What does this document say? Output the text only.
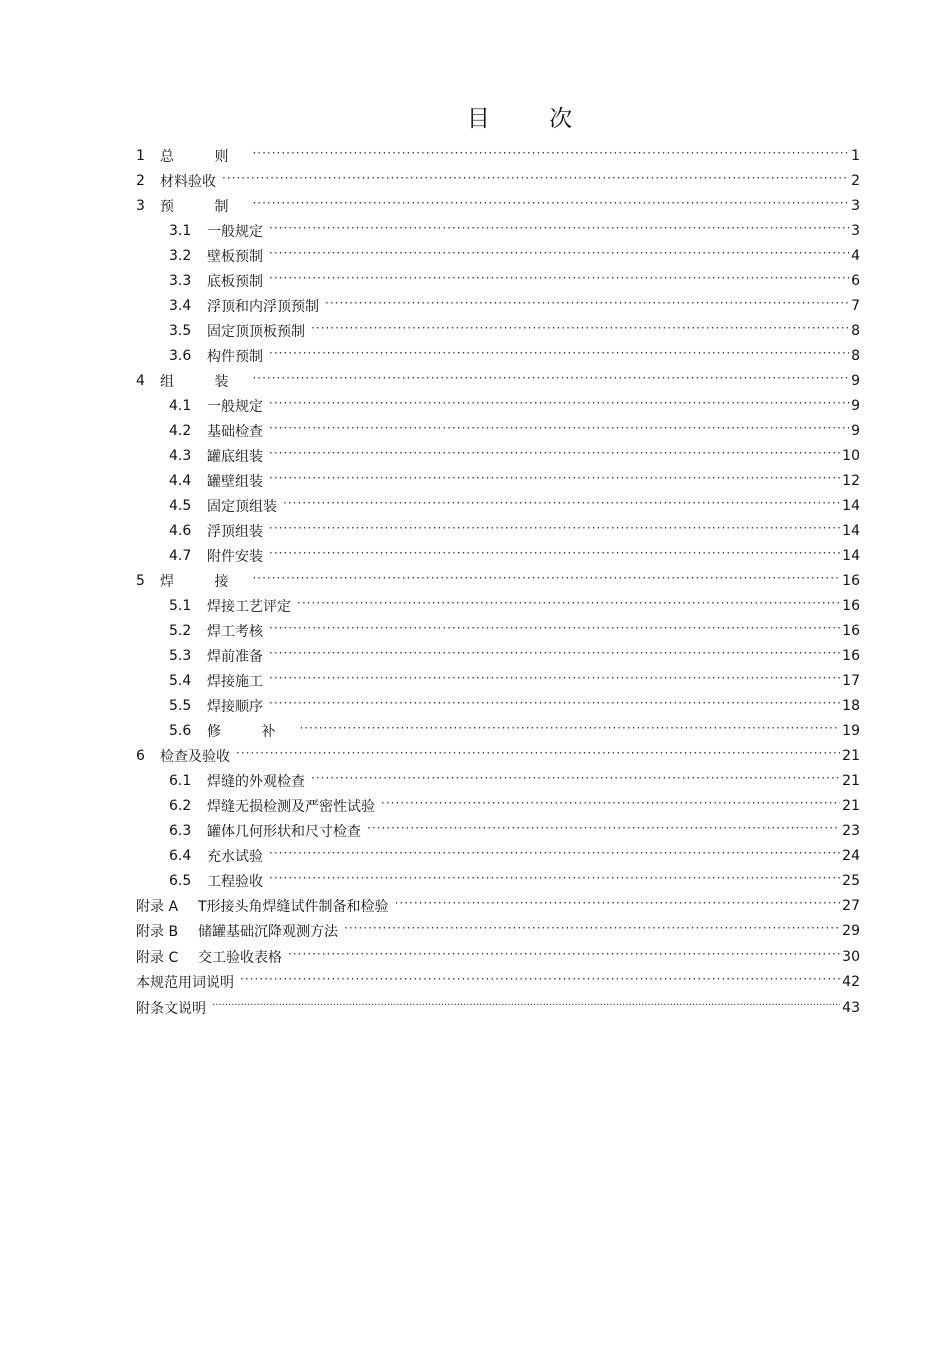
目 次
1	总 则 ·····	1
2	材料验收 ·····	2
3	预 制 ·····	3
3.1	一般规定 ·····	3
3.2	壁板预制 ·····	4
3.3	底板预制 ·····	6
3.4	浮顶和内浮顶预制 ·····	7
3.5	固定顶顶板预制 ·····	8
3.6	构件预制 ·····	8
4	组 装 ·····	9
4.1	一般规定 ·····	9
4.2	基础检查 ·····	9
4.3	罐底组装 ·····	10
4.4	罐壁组装 ·····	12
4.5	固定顶组装 ·····	14
4.6	浮顶组装 ·····	14
4.7	附件安装 ·····	14
5	焊 接 ·····	16
5.1	焊接工艺评定 ·····	16
5.2	焊工考核 ·····	16
5.3	焊前准备 ·····	16
5.4	焊接施工 ·····	17
5.5	焊接顺序 ·····	18
5.6	修 补 ·····	19
6	检查及验收 ·····	21
6.1	焊缝的外观检查 ·····	21
6.2	焊缝无损检测及严密性试验 ·····	21
6.3	罐体几何形状和尺寸检查 ·····	23
6.4	充水试验 ·····	24
6.5	工程验收 ·····	25
附录 A	T形接头角焊缝试件制备和检验 ·····	27
附录 B	储罐基础沉降观测方法 ·····	29
附录 C	交工验收表格 ·····	30
本规范用词说明 ·····	42
附条文说明 .....	43
